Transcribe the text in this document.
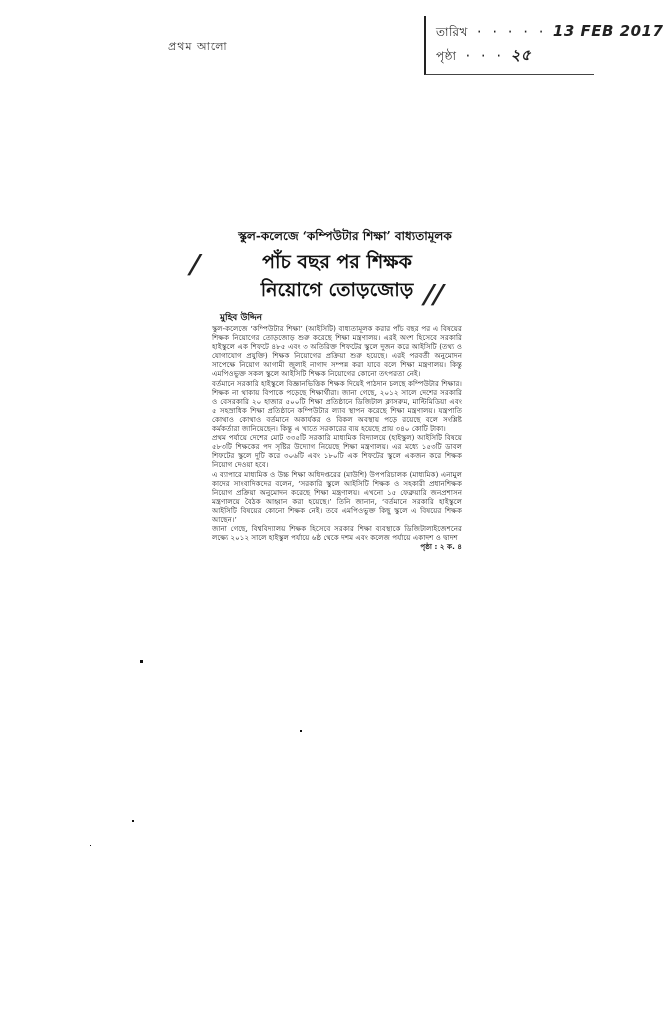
তারিখ · · · · · 13 FEB 2017
পৃষ্ঠা · · · ২৫
প্রথম আলো
স্কুল-কলেজে ‘কম্পিউটার শিক্ষা’ বাধ্যতামূলক
পাঁচ বছর পর শিক্ষক
নিয়োগে তোড়জোড়
/
//
মুহিব উদ্দিন

স্কুল-কলেজে ‘কম্পিউটার শিক্ষা’ (আইসিটি) বাধ্যতামূলক করার পাঁচ বছর পর এ বিষয়ের শিক্ষক নিয়োগের তোড়জোড় শুরু করেছে শিক্ষা মন্ত্রণালয়। এরই অংশ হিসেবে সরকারি হাইস্কুলে এক শিফটে ৪৮৫ এবং ৩ অতিরিক্ত শিফটের স্কুলে দুজন করে আইসিটি (তথ্য ও যোগাযোগ প্রযুক্তি) শিক্ষক নিয়োগের প্রক্রিয়া শুরু হয়েছে। এরই পরবর্তী অনুমোদন সাপেক্ষে নিয়োগ আগামী জুলাই নাগাদ সম্পন্ন করা যাবে বলে শিক্ষা মন্ত্রণালয়। কিন্তু এমপিওভুক্ত সকল স্কুলে আইসিটি শিক্ষক নিয়োগের কোনো তৎপরতা নেই।

বর্তমানে সরকারি হাইস্কুলে বিজ্ঞানভিত্তিক শিক্ষক দিয়েই পাঠদান চলছে কম্পিউটার শিক্ষার। শিক্ষক না থাকায় বিপাকে পড়েছে শিক্ষার্থীরা। জানা গেছে, ২০১২ সালে দেশের সরকারি ও বেসরকারি ২০ হাজার ৫০০টি শিক্ষা প্রতিষ্ঠানে ডিজিটাল ক্লাসরুম, মাল্টিমিডিয়া এবং ৫ সহস্রাধিক শিক্ষা প্রতিষ্ঠানে কম্পিউটার ল্যাব স্থাপন করেছে শিক্ষা মন্ত্রণালয়। যন্ত্রপাতি কোথাও কোথাও বর্তমানে অকার্যকর ও বিকল অবস্থায় পড়ে রয়েছে বলে সংশ্লিষ্ট কর্মকর্তারা জানিয়েছেন। কিন্তু এ খাতে সরকারের ব্যয় হয়েছে প্রায় ৩৪০ কোটি টাকা।

প্রথম পর্যায়ে দেশের মোট ৩৩৫টি সরকারি মাধ্যমিক বিদ্যালয়ে (হাইস্কুল) আইসিটি বিষয়ে ৫৮৩টি শিক্ষকের পদ সৃষ্টির উদ্যোগ নিয়েছে শিক্ষা মন্ত্রণালয়। এর মধ্যে ১৫৩টি ডাবল শিফটের স্কুলে দুটি করে ৩০৬টি এবং ১৮০টি এক শিফটের স্কুলে একজন করে শিক্ষক নিয়োগ দেওয়া হবে।

এ ব্যাপারে মাধ্যমিক ও উচ্চ শিক্ষা অধিদপ্তরের (মাউশি) উপপরিচালক (মাধ্যমিক) এনামুল কাদের সাংবাদিকদের বলেন, ‘সরকারি স্কুলে আইসিটি শিক্ষক ও সহকারী প্রধানশিক্ষক নিয়োগ প্রক্রিয়া অনুমোদন করেছে শিক্ষা মন্ত্রণালয়। এখনো ১৫ ফেব্রুয়ারি জনপ্রশাসন মন্ত্রণালয়ে বৈঠক আহ্বান করা হয়েছে।’ তিনি জানান, ‘বর্তমানে সরকারি হাইস্কুলে আইসিটি বিষয়ের কোনো শিক্ষক নেই। তবে এমপিওভুক্ত কিছু স্কুলে এ বিষয়ের শিক্ষক আছেন।’

জানা গেছে, বিশ্ববিদ্যালয় শিক্ষক হিসেবে সরকার শিক্ষা ব্যবস্থাকে ডিজিটালাইজেশনের লক্ষ্যে ২০১২ সালে হাইস্কুল পর্যায়ে ৬ষ্ঠ থেকে দশম এবং কলেজ পর্যায়ে একাদশ ও দ্বাদশ

পৃষ্ঠা : ২ ক. ৪
